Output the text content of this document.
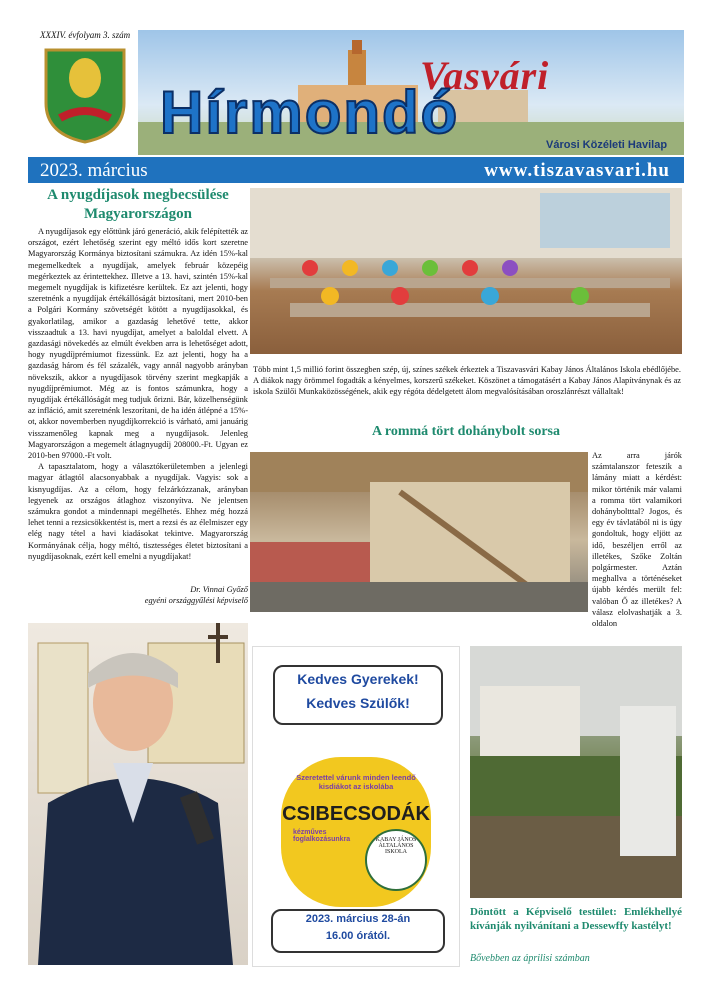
XXXIV. évfolyam 3. szám
Vasvári
Hírmondó	Városi Közéleti Havilap
2023. március	www.tiszavasvari.hu
A nyugdíjasok megbecsülése Magyarországon

A nyugdíjasok egy előttünk járó generáció, akik felépítették az országot, ezért lehetőség szerint egy méltó idős kort szeretne Magyarország Kormánya biztosítani számukra. Az idén 15%-kal megemelkedtek a nyugdíjak, amelyek február közepéig megérkeztek az érintettekhez. Illetve a 13. havi, szintén 15%-kal megemelt nyugdíjak is kifizetésre kerültek. Ez azt jelenti, hogy szeretnénk a nyugdíjak értékállóságát biztosítani, mert 2010-ben a Polgári Kormány szövetségét kötött a nyugdíjasokkal, és gyakorlatilag, amikor a gazdaság lehetővé tette, akkor visszaadtuk a 13. havi nyugdíjat, amelyet a baloldal elvett. A gazdasági növekedés az elmúlt években arra is lehetőséget adott, hogy nyugdíjprémiumot fizessünk. Ez azt jelenti, hogy ha a gazdaság három és fél százalék, vagy annál nagyobb arányban növekszik, akkor a nyugdíjasok törvény szerint megkapják a nyugdíjprémiumot. Még az is fontos számunkra, hogy a nyugdíjak értékállóságát meg tudjuk őrizni. Bár, közelhenségünk az infláció, amit szeretnénk leszorítani, de ha idén átlépné a 15%-ot, akkor novemberben nyugdíjkorrekció is várható, ami januárig visszamenőleg kapnak meg a nyugdíjasok. Jelenleg Magyarországon a megemelt átlagnyugdíj 208000.-Ft. Ugyan ez 2010-ben 97000.-Ft volt.

A tapasztalatom, hogy a választókerületemben a jelenlegi magyar átlagtól alacsonyabbak a nyugdíjak. Vagyis: sok a kisnyugdíjas. Az a célom, hogy felzárkózzanak, arányban legyenek az országos átlaghoz viszonyítva. Ne jelentsen számukra gondot a mindennapi megélhetés. Ehhez még hozzá lehet tenni a rezsicsökkentést is, mert a rezsi és az élelmiszer egy elég nagy tétel a havi kiadásokat tekintve. Magyarország Kormányának célja, hogy méltó, tisztességes életet biztosítani a nyugdíjasoknak, ezért kell emelni a nyugdíjakat!

Dr. Vinnai Győző
egyéni országgyűlési képviselő
Több mint 1,5 millió forint összegben szép, új, színes székek érkeztek a Tiszavasvári Kabay János Általános Iskola ebédlőjébe. A diákok nagy örömmel fogadták a kényelmes, korszerű székeket. Köszönet a támogatásért a Kabay János Alapítványnak és az iskola Szülői Munkaközösségének, akik egy régóta dédelgetett álom megvalósításában oroszlánrészt vállaltak!
A rommá tört dohánybolt sorsa
Az arra járók számtalanszor feteszik a lámány miatt a kérdést: mikor történik már valami a romma tört valamikori dohányboltttal? Jogos, és egy év távlatából ni is úgy gondoltuk, hogy eljött az idő, beszéljen erről az illetékes, Szőke Zoltán polgármester. Aztán meghallva a történéseket újabb kérdés merült fel: valóban Ő az illetékes? A válasz elolvashatják a 3. oldalon
Kedves Gyerekek!
Kedves Szülők!
Szeretettel várunk minden leendő kisdiákot az iskolába
CSIBECSODÁK
kézműves foglalkozásunkra	KABAY JÁNOS ÁLTALÁNOS ISKOLA
2023. március 28-án
16.00 órától.
Döntött a Képviselő testület: Emlékhellyé kívánják nyilvánítani a Dessewffy kastélyt!
Bővebben az áprilisi számban
